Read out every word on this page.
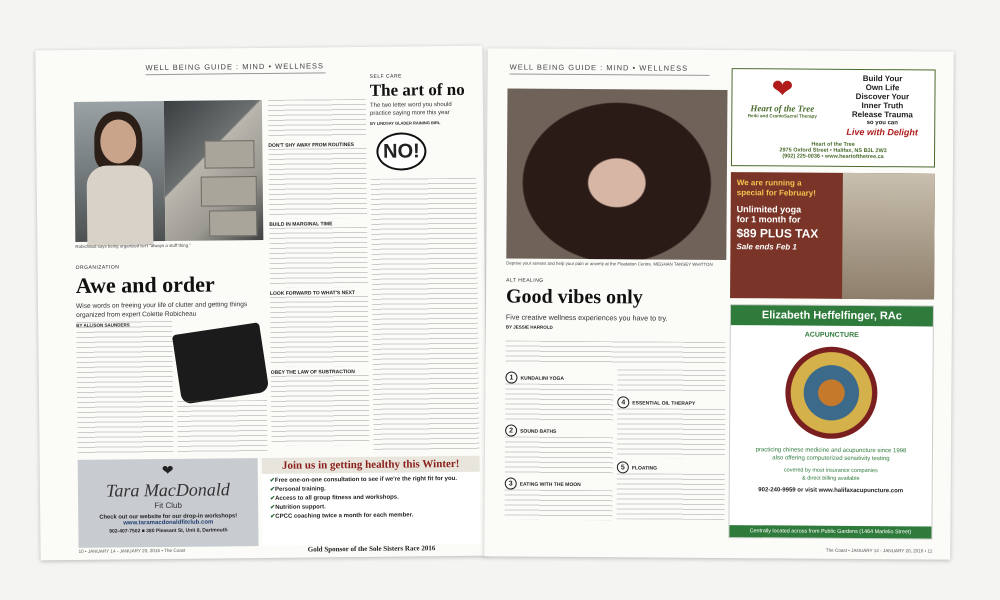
WELL BEING GUIDE : MIND • WELLNESS
Robichaud says being organized isn't "always a stuff thing."
ORGANIZATION
Awe and order
Wise words on freeing your life of clutter and getting things organized from expert Colette Robicheau
BY ALLISON SAUNDERS
DON'T SHY AWAY FROM ROUTINES
BUILD IN MARGINAL TIME
LOOK FORWARD TO WHAT'S NEXT
OBEY THE LAW OF SUBTRACTION
SELF CARE
The art of no
The two letter word you should practice saying more this year
BY LINDSAY GLADER RAINING BIRL
NO!
❤
Tara MacDonald
Fit Club
Check out our website for our drop-in workshops!
www.taramacdonaldfitclub.com
902-407-7502 ■ 380 Pleasant St, Unit 8, Dartmouth
Join us in getting healthy this Winter!
✔ Free one-on-one consultation to see if we're the right fit for you.
✔ Personal training.
✔ Access to all group fitness and workshops.
✔ Nutrition support.
✔ CPCC coaching twice a month for each member.
Gold Sponsor of the Sole Sisters Race 2016
10 • JANUARY 14 - JANUARY 20, 2016 • The Coast
WELL BEING GUIDE : MIND • WELLNESS
Deprive your senses and help your pain or anxiety at the Floatation Centre. MEGHAN TANSEY WHITTON
ALT HEALING
Good vibes only
Five creative wellness experiences you have to try.
BY JESSIE HARROLD
1 KUNDALINI YOGA
2 SOUND BATHS
3 EATING WITH THE MOON
4 ESSENTIAL OIL THERAPY
5 FLOATING
❤
Heart of the Tree
Reiki and CranioSacral Therapy
Build Your
Own Life
Discover Your
Inner Truth
Release Trauma
so you can
Live with Delight
Heart of the Tree
2975 Oxford Street • Halifax, NS B3L 2W3
(902) 225-0036 • www.heartofthetree.ca
We are running a
special for February!
Unlimited yoga
for 1 month for
$89 PLUS TAX
Sale ends Feb 1
Elizabeth Heffelfinger, RAc
ACUPUNCTURE
practicing chinese medicine and acupuncture since 1998
also offering computerized sensitivity testing
covered by most insurance companies
& direct billing available
902-240-9959 or visit www.halifaxacupuncture.com
Centrally located across from Public Gardens (1464 Marlelio Street)
The Coast • JANUARY 14 - JANUARY 20, 2016 • 11
